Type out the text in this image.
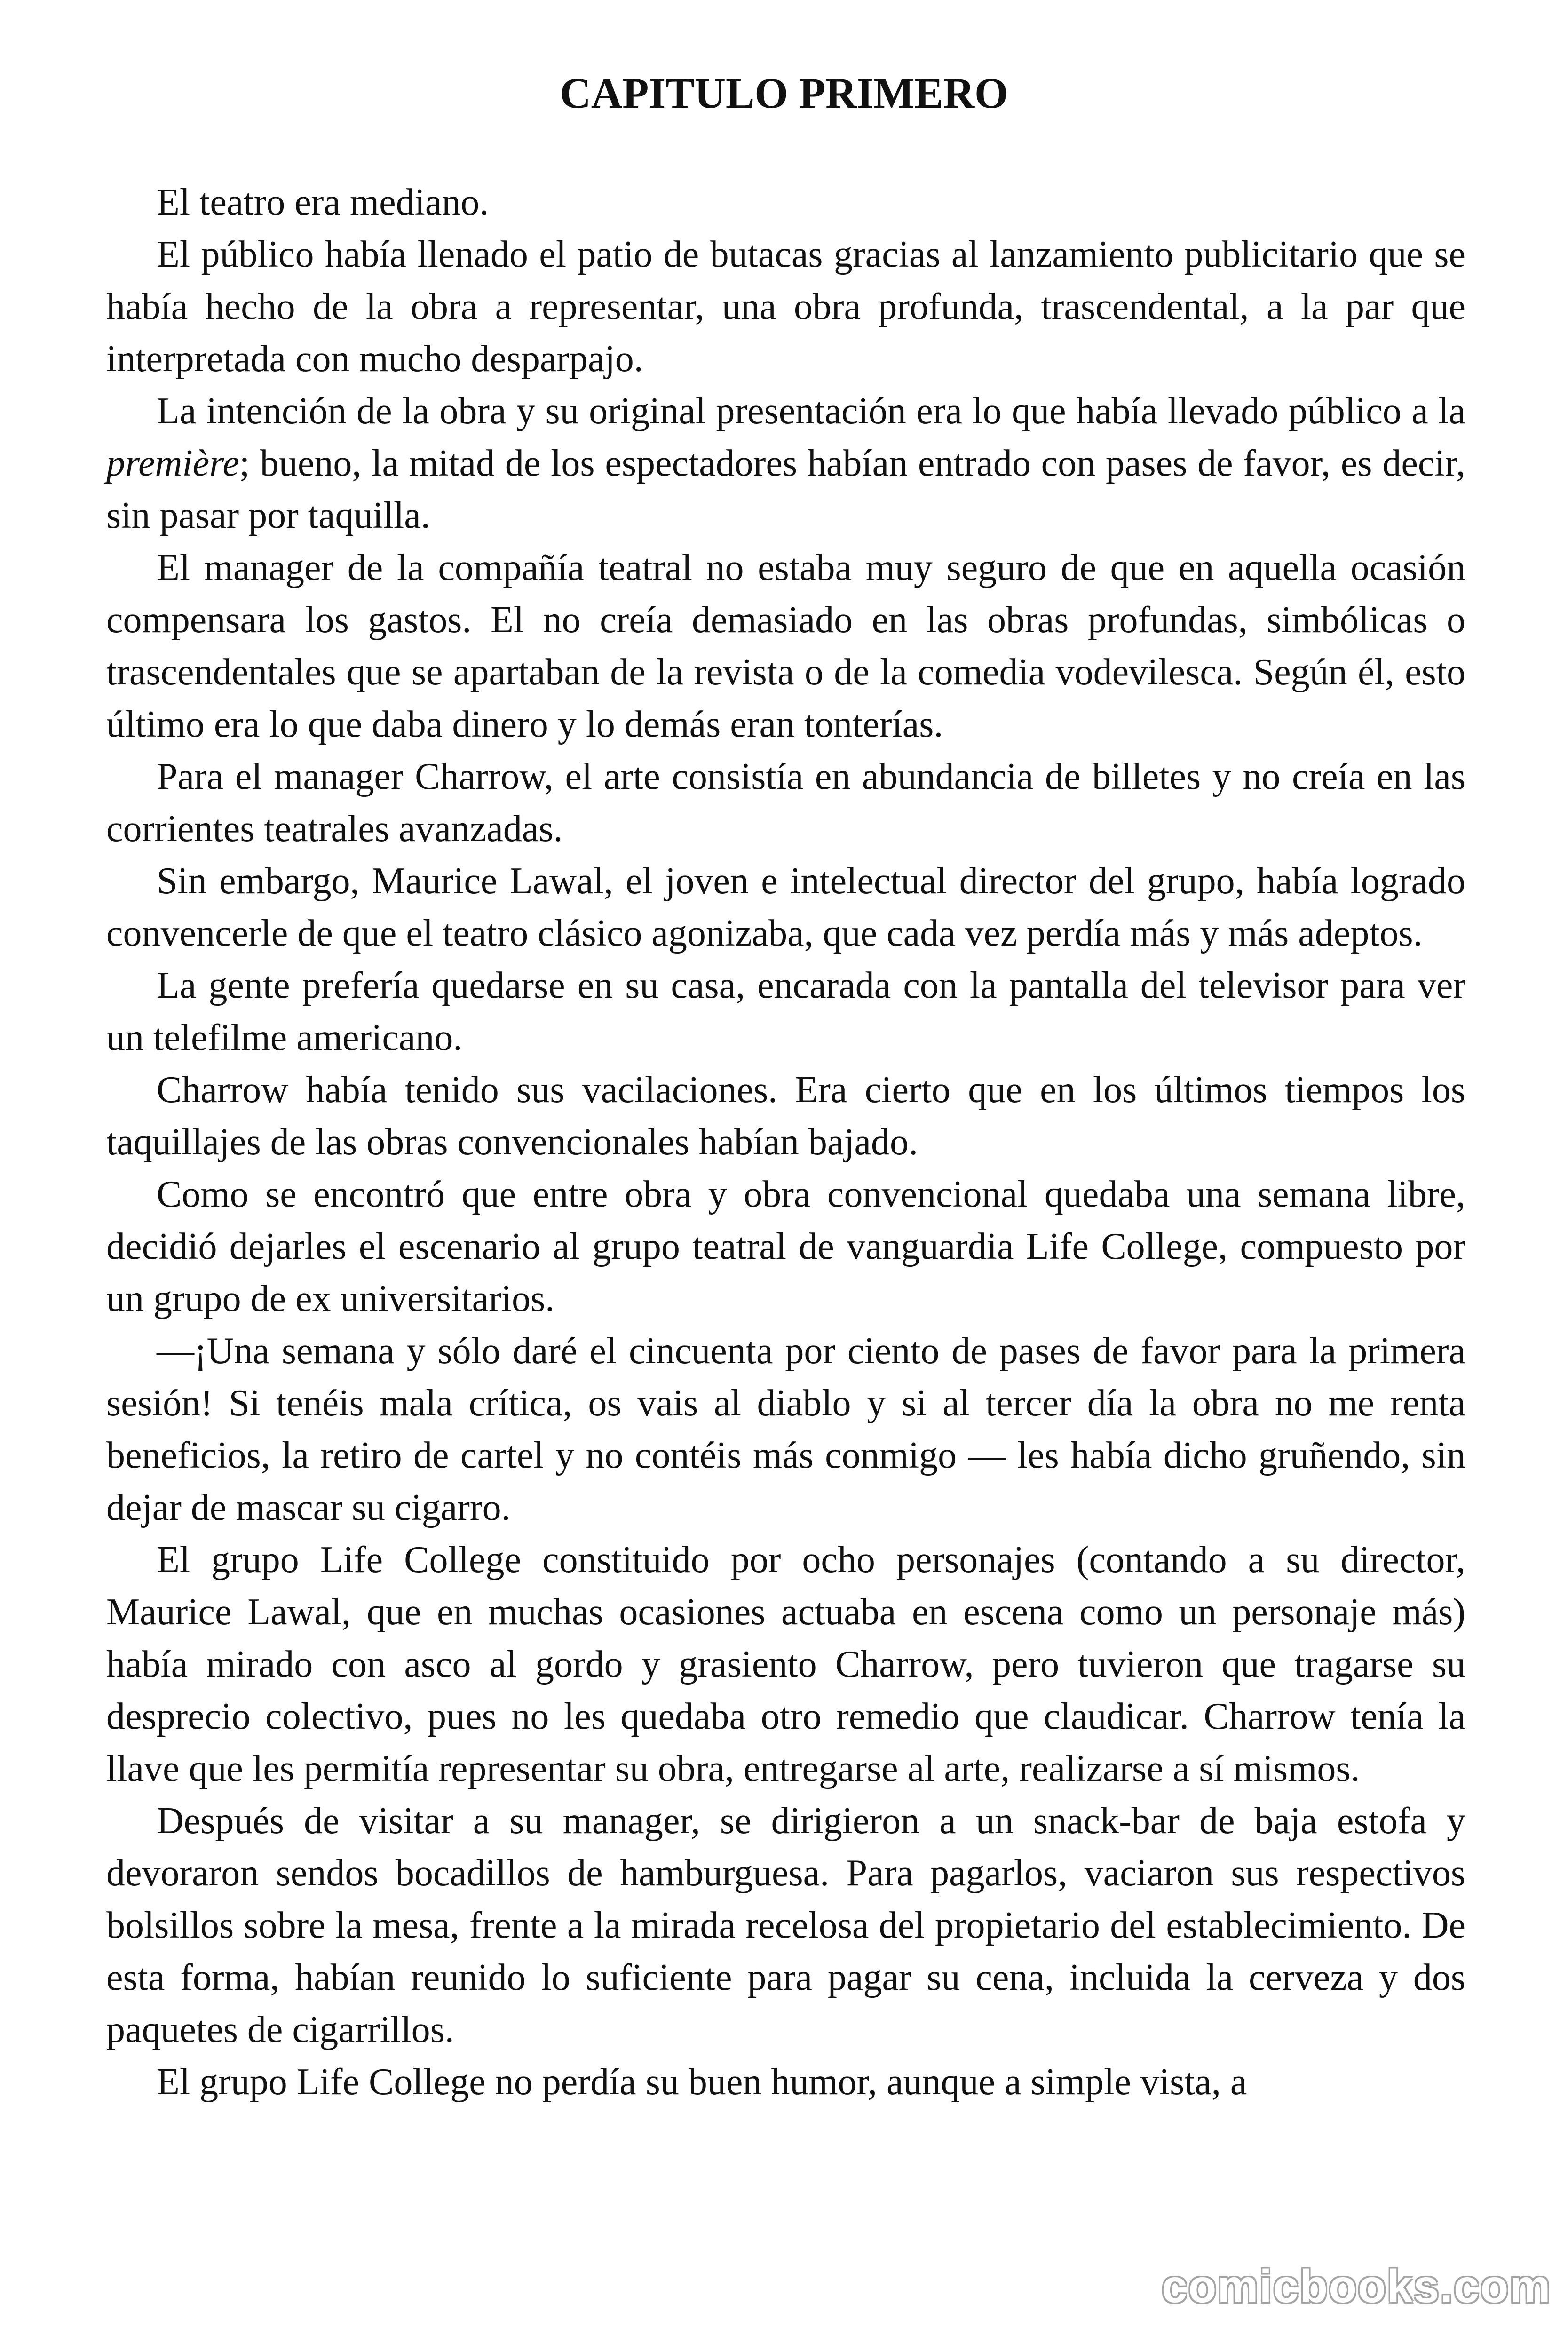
CAPITULO PRIMERO

El teatro era mediano.

El público había llenado el patio de butacas gracias al lanzamiento publicitario que se había hecho de la obra a representar, una obra profunda, trascendental, a la par que interpretada con mucho desparpajo.

La intención de la obra y su original presentación era lo que había llevado público a la première; bueno, la mitad de los espectadores habían entrado con pases de favor, es decir, sin pasar por taquilla.

El manager de la compañía teatral no estaba muy seguro de que en aquella ocasión compensara los gastos. El no creía demasiado en las obras profundas, simbólicas o trascendentales que se apartaban de la revista o de la comedia vodevilesca. Según él, esto último era lo que daba dinero y lo demás eran tonterías.

Para el manager Charrow, el arte consistía en abundancia de billetes y no creía en las corrientes teatrales avanzadas.

Sin embargo, Maurice Lawal, el joven e intelectual director del grupo, había logrado convencerle de que el teatro clásico agonizaba, que cada vez perdía más y más adeptos.

La gente prefería quedarse en su casa, encarada con la pantalla del televisor para ver un telefilme americano.

Charrow había tenido sus vacilaciones. Era cierto que en los últimos tiempos los taquillajes de las obras convencionales habían bajado.

Como se encontró que entre obra y obra convencional quedaba una semana libre, decidió dejarles el escenario al grupo teatral de vanguardia Life College, compuesto por un grupo de ex universitarios.

—¡Una semana y sólo daré el cincuenta por ciento de pases de favor para la primera sesión! Si tenéis mala crítica, os vais al diablo y si al tercer día la obra no me renta beneficios, la retiro de cartel y no contéis más conmigo — les había dicho gruñendo, sin dejar de mascar su cigarro.

El grupo Life College constituido por ocho personajes (contando a su director, Maurice Lawal, que en muchas ocasiones actuaba en escena como un personaje más) había mirado con asco al gordo y grasiento Charrow, pero tuvieron que tragarse su desprecio colectivo, pues no les quedaba otro remedio que claudicar. Charrow tenía la llave que les permitía representar su obra, entregarse al arte, realizarse a sí mismos.

Después de visitar a su manager, se dirigieron a un snack-bar de baja estofa y devoraron sendos bocadillos de hamburguesa. Para pagarlos, vaciaron sus respectivos bolsillos sobre la mesa, frente a la mirada recelosa del propietario del establecimiento. De esta forma, habían reunido lo suficiente para pagar su cena, incluida la cerveza y dos paquetes de cigarrillos.

El grupo Life College no perdía su buen humor, aunque a simple vista, a

comicbooks.com
